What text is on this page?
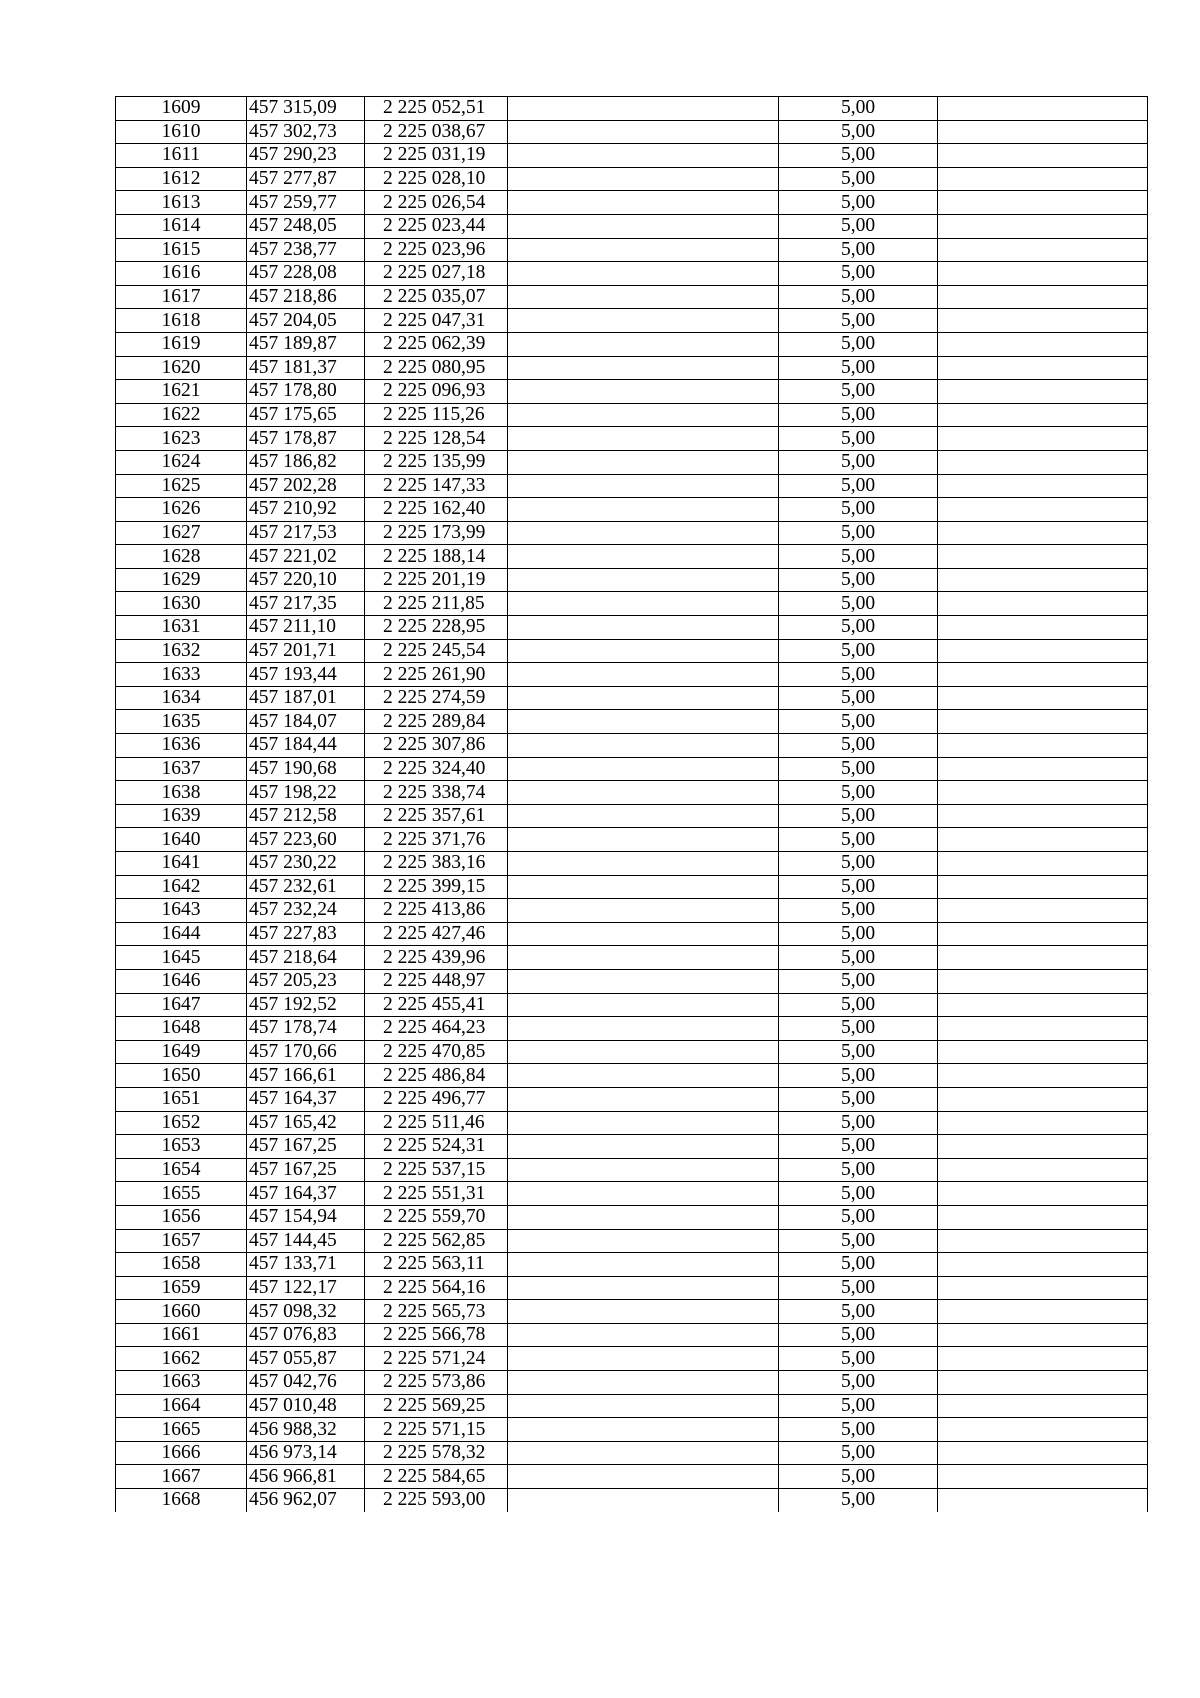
1609	457 315,09	2 225 052,51		5,00	
1610	457 302,73	2 225 038,67		5,00	
1611	457 290,23	2 225 031,19		5,00	
1612	457 277,87	2 225 028,10		5,00	
1613	457 259,77	2 225 026,54		5,00	
1614	457 248,05	2 225 023,44		5,00	
1615	457 238,77	2 225 023,96		5,00	
1616	457 228,08	2 225 027,18		5,00	
1617	457 218,86	2 225 035,07		5,00	
1618	457 204,05	2 225 047,31		5,00	
1619	457 189,87	2 225 062,39		5,00	
1620	457 181,37	2 225 080,95		5,00	
1621	457 178,80	2 225 096,93		5,00	
1622	457 175,65	2 225 115,26		5,00	
1623	457 178,87	2 225 128,54		5,00	
1624	457 186,82	2 225 135,99		5,00	
1625	457 202,28	2 225 147,33		5,00	
1626	457 210,92	2 225 162,40		5,00	
1627	457 217,53	2 225 173,99		5,00	
1628	457 221,02	2 225 188,14		5,00	
1629	457 220,10	2 225 201,19		5,00	
1630	457 217,35	2 225 211,85		5,00	
1631	457 211,10	2 225 228,95		5,00	
1632	457 201,71	2 225 245,54		5,00	
1633	457 193,44	2 225 261,90		5,00	
1634	457 187,01	2 225 274,59		5,00	
1635	457 184,07	2 225 289,84		5,00	
1636	457 184,44	2 225 307,86		5,00	
1637	457 190,68	2 225 324,40		5,00	
1638	457 198,22	2 225 338,74		5,00	
1639	457 212,58	2 225 357,61		5,00	
1640	457 223,60	2 225 371,76		5,00	
1641	457 230,22	2 225 383,16		5,00	
1642	457 232,61	2 225 399,15		5,00	
1643	457 232,24	2 225 413,86		5,00	
1644	457 227,83	2 225 427,46		5,00	
1645	457 218,64	2 225 439,96		5,00	
1646	457 205,23	2 225 448,97		5,00	
1647	457 192,52	2 225 455,41		5,00	
1648	457 178,74	2 225 464,23		5,00	
1649	457 170,66	2 225 470,85		5,00	
1650	457 166,61	2 225 486,84		5,00	
1651	457 164,37	2 225 496,77		5,00	
1652	457 165,42	2 225 511,46		5,00	
1653	457 167,25	2 225 524,31		5,00	
1654	457 167,25	2 225 537,15		5,00	
1655	457 164,37	2 225 551,31		5,00	
1656	457 154,94	2 225 559,70		5,00	
1657	457 144,45	2 225 562,85		5,00	
1658	457 133,71	2 225 563,11		5,00	
1659	457 122,17	2 225 564,16		5,00	
1660	457 098,32	2 225 565,73		5,00	
1661	457 076,83	2 225 566,78		5,00	
1662	457 055,87	2 225 571,24		5,00	
1663	457 042,76	2 225 573,86		5,00	
1664	457 010,48	2 225 569,25		5,00	
1665	456 988,32	2 225 571,15		5,00	
1666	456 973,14	2 225 578,32		5,00	
1667	456 966,81	2 225 584,65		5,00	
1668	456 962,07	2 225 593,00		5,00	
